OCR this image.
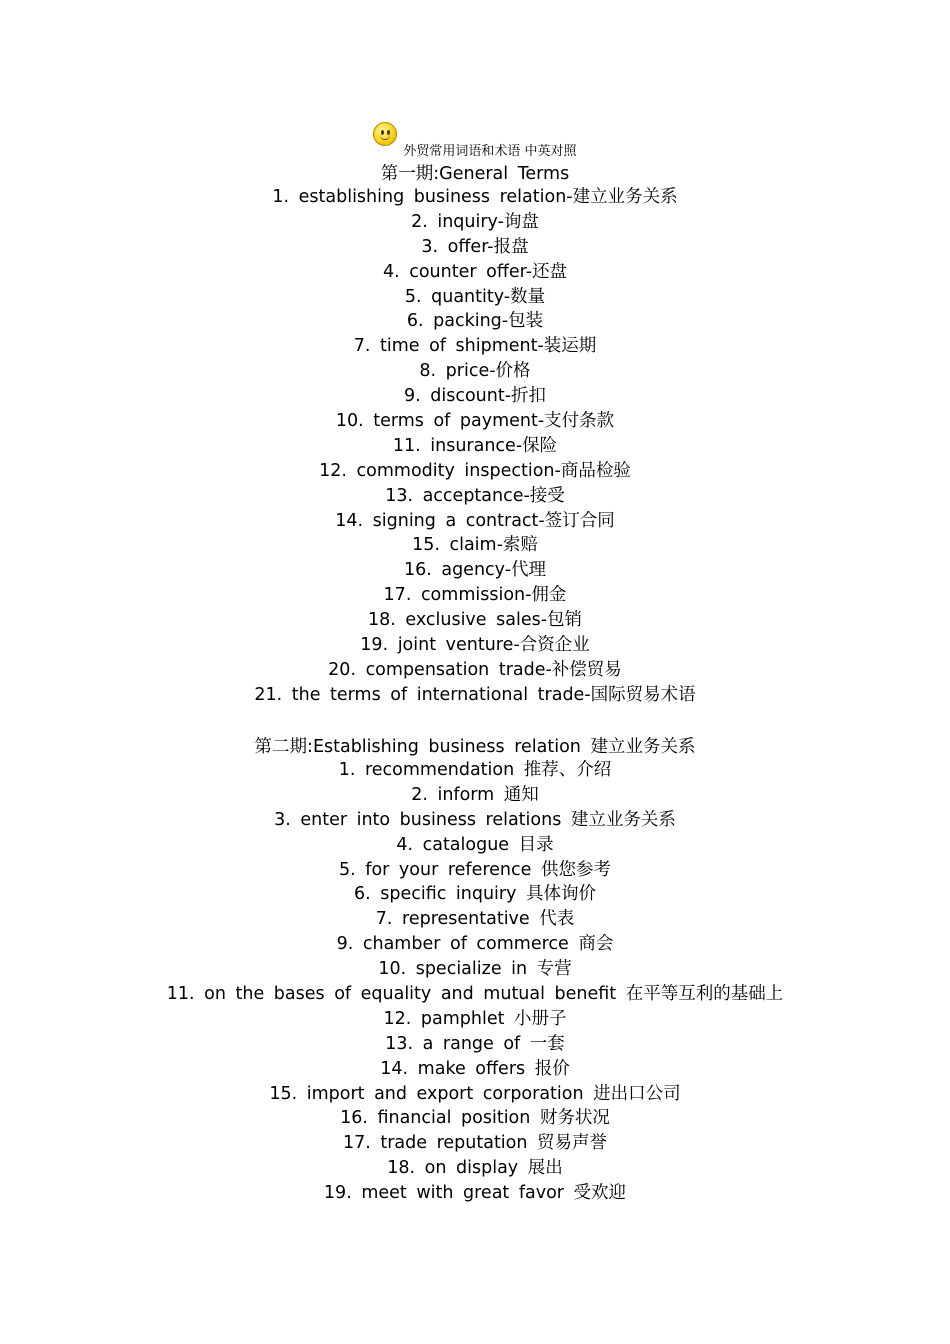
外贸常用词语和术语 中英对照
第一期:General Terms
1. establishing business relation-建立业务关系
2. inquiry-询盘
3. offer-报盘
4. counter offer-还盘
5. quantity-数量
6. packing-包装
7. time of shipment-装运期
8. price-价格
9. discount-折扣
10. terms of payment-支付条款
11. insurance-保险
12. commodity inspection-商品检验
13. acceptance-接受
14. signing a contract-签订合同
15. claim-索赔
16. agency-代理
17. commission-佣金
18. exclusive sales-包销
19. joint venture-合资企业
20. compensation trade-补偿贸易
21. the terms of international trade-国际贸易术语
第二期:Establishing business relation 建立业务关系
1. recommendation 推荐、介绍
2. inform 通知
3. enter into business relations 建立业务关系
4. catalogue 目录
5. for your reference 供您参考
6. specific inquiry 具体询价
7. representative 代表
9. chamber of commerce 商会
10. specialize in 专营
11. on the bases of equality and mutual benefit 在平等互利的基础上
12. pamphlet 小册子
13. a range of 一套
14. make offers 报价
15. import and export corporation 进出口公司
16. financial position 财务状况
17. trade reputation 贸易声誉
18. on display 展出
19. meet with great favor 受欢迎
